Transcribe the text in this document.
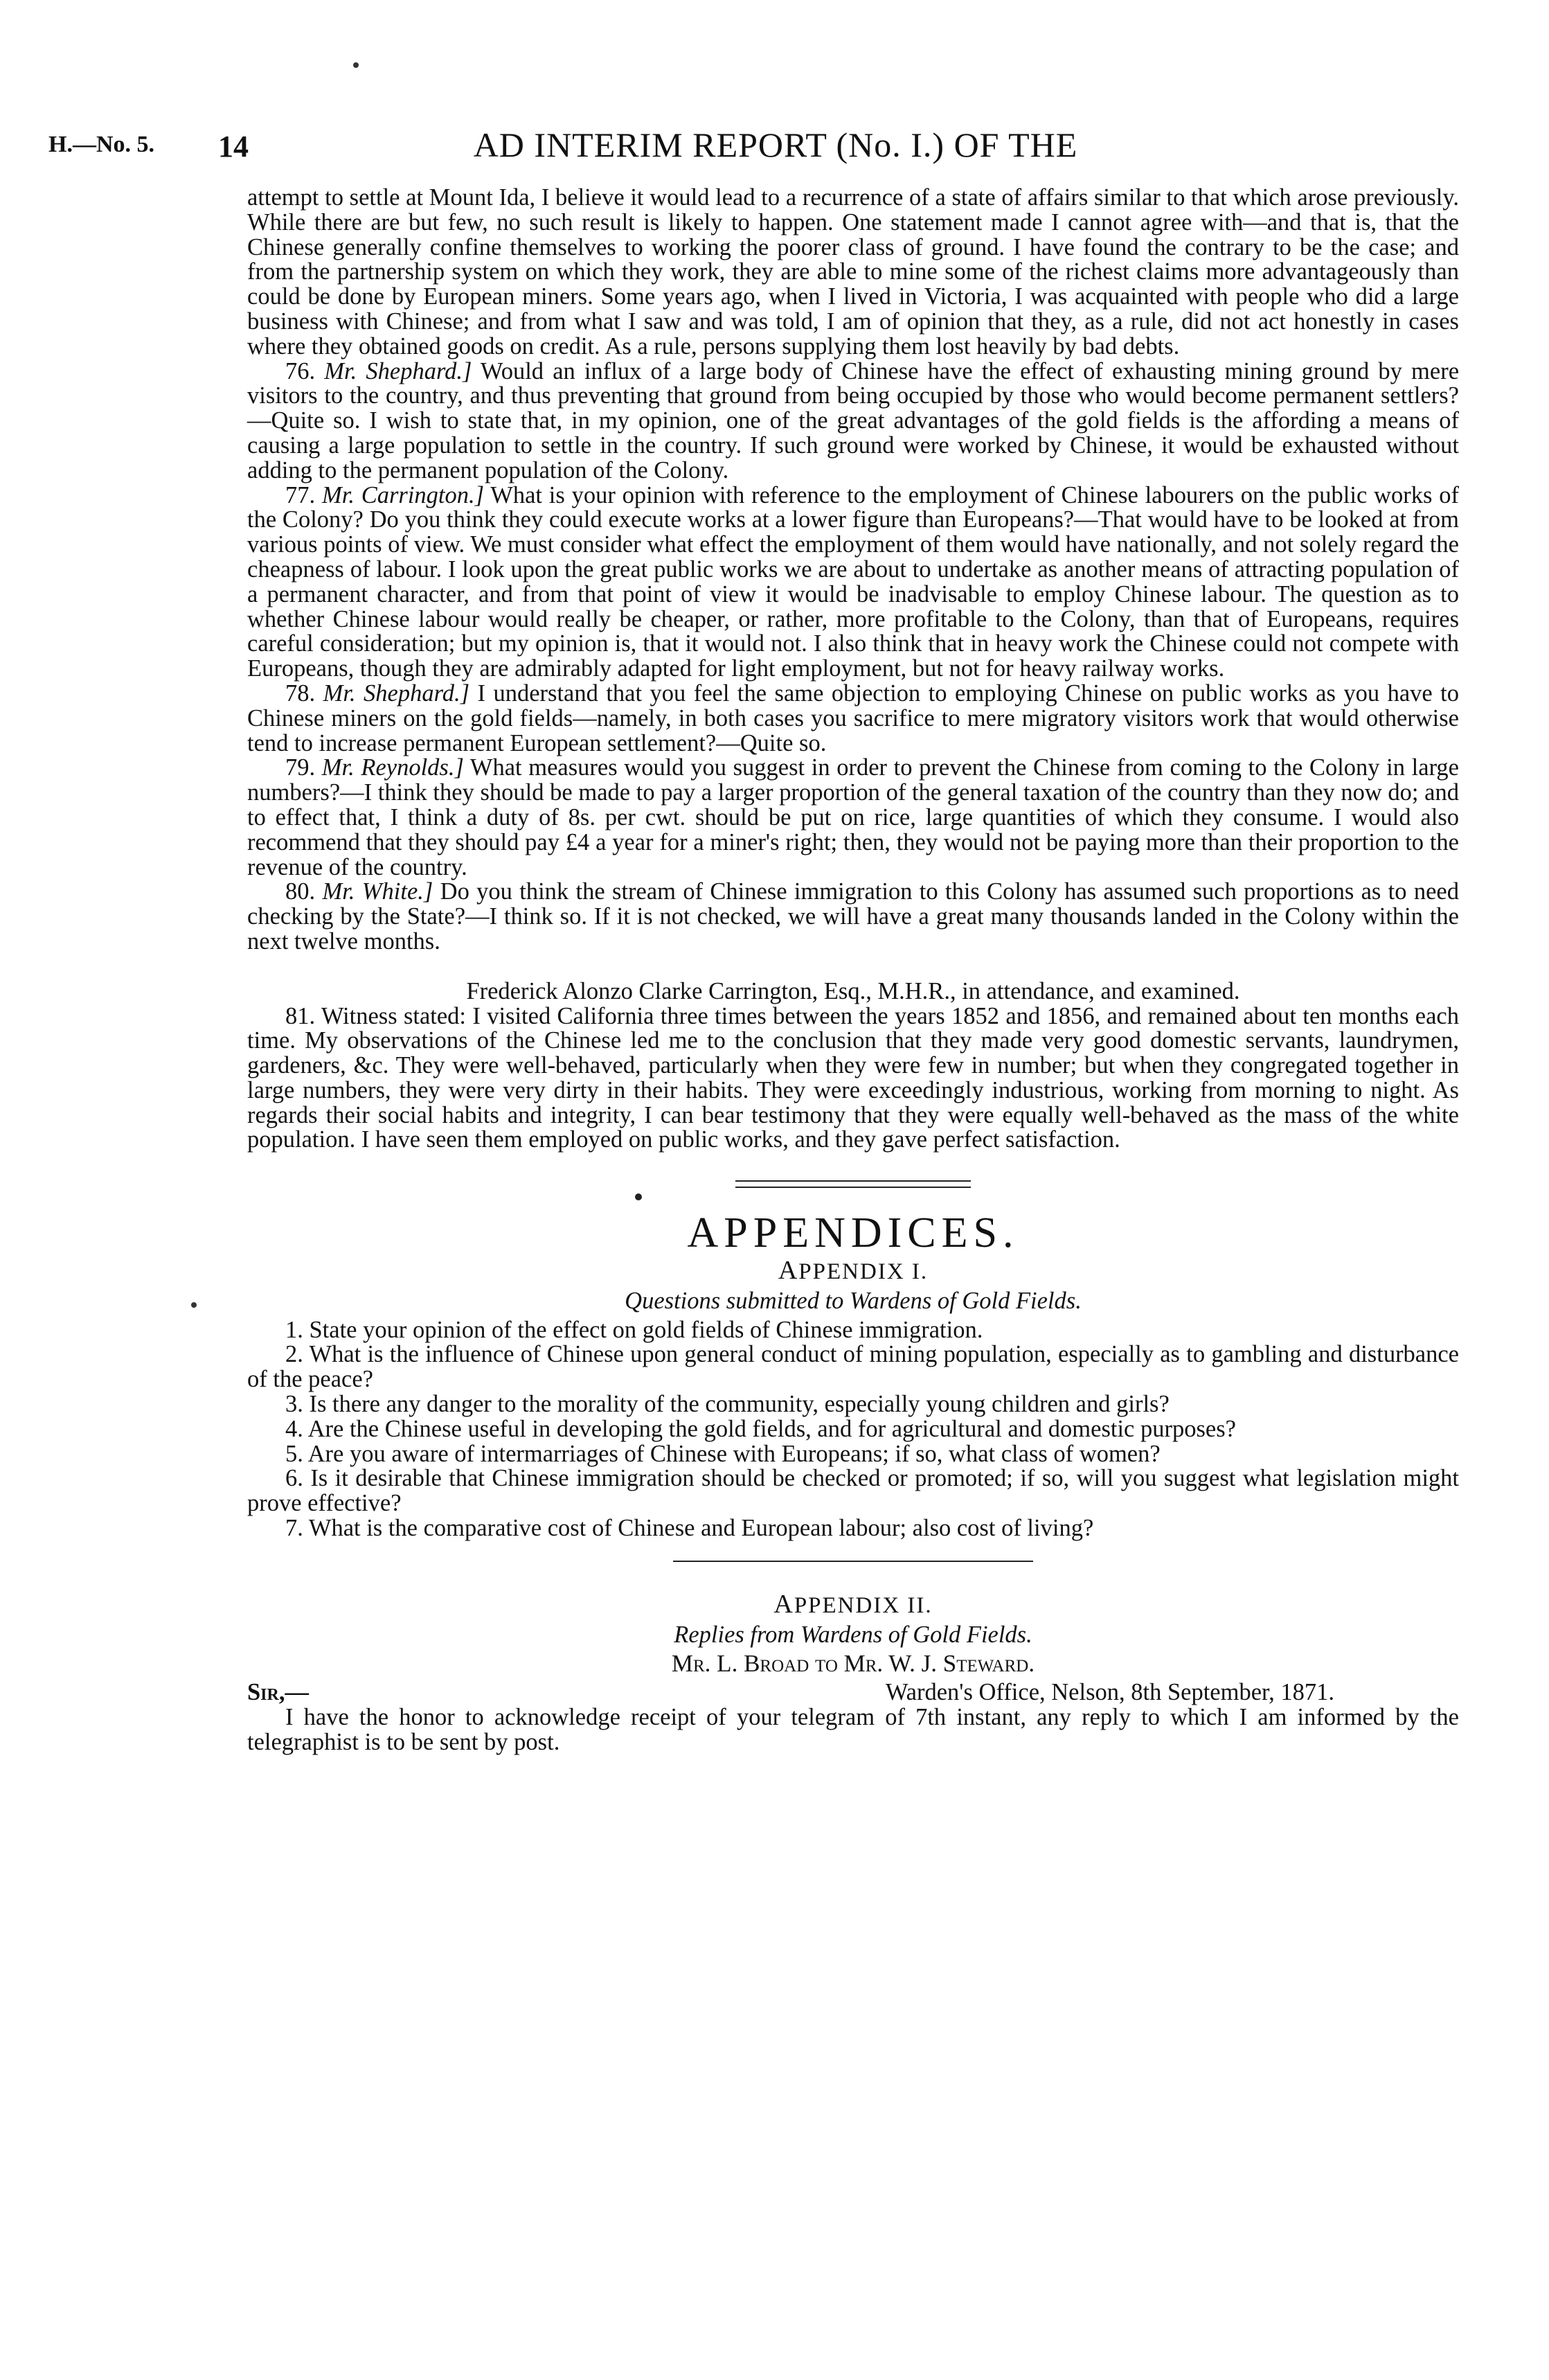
H.—No. 5. 14	AD INTERIM REPORT (No. I.) OF THE

attempt to settle at Mount Ida, I believe it would lead to a recurrence of a state of affairs similar to that which arose previously. While there are but few, no such result is likely to happen. One statement made I cannot agree with—and that is, that the Chinese generally confine themselves to working the poorer class of ground. I have found the contrary to be the case; and from the partnership system on which they work, they are able to mine some of the richest claims more advantageously than could be done by European miners. Some years ago, when I lived in Victoria, I was acquainted with people who did a large business with Chinese; and from what I saw and was told, I am of opinion that they, as a rule, did not act honestly in cases where they obtained goods on credit. As a rule, persons supplying them lost heavily by bad debts.

76. Mr. Shephard.] Would an influx of a large body of Chinese have the effect of exhausting mining ground by mere visitors to the country, and thus preventing that ground from being occupied by those who would become permanent settlers?—Quite so. I wish to state that, in my opinion, one of the great advantages of the gold fields is the affording a means of causing a large population to settle in the country. If such ground were worked by Chinese, it would be exhausted without adding to the permanent population of the Colony.

77. Mr. Carrington.] What is your opinion with reference to the employment of Chinese labourers on the public works of the Colony? Do you think they could execute works at a lower figure than Europeans?—That would have to be looked at from various points of view. We must consider what effect the employment of them would have nationally, and not solely regard the cheapness of labour. I look upon the great public works we are about to undertake as another means of attracting population of a permanent character, and from that point of view it would be inadvisable to employ Chinese labour. The question as to whether Chinese labour would really be cheaper, or rather, more profitable to the Colony, than that of Europeans, requires careful consideration; but my opinion is, that it would not. I also think that in heavy work the Chinese could not compete with Europeans, though they are admirably adapted for light employment, but not for heavy railway works.

78. Mr. Shephard.] I understand that you feel the same objection to employing Chinese on public works as you have to Chinese miners on the gold fields—namely, in both cases you sacrifice to mere migratory visitors work that would otherwise tend to increase permanent European settlement?—Quite so.

79. Mr. Reynolds.] What measures would you suggest in order to prevent the Chinese from coming to the Colony in large numbers?—I think they should be made to pay a larger proportion of the general taxation of the country than they now do; and to effect that, I think a duty of 8s. per cwt. should be put on rice, large quantities of which they consume. I would also recommend that they should pay £4 a year for a miner's right; then, they would not be paying more than their proportion to the revenue of the country.

80. Mr. White.] Do you think the stream of Chinese immigration to this Colony has assumed such proportions as to need checking by the State?—I think so. If it is not checked, we will have a great many thousands landed in the Colony within the next twelve months.

Frederick Alonzo Clarke Carrington, Esq., M.H.R., in attendance, and examined.

81. Witness stated: I visited California three times between the years 1852 and 1856, and remained about ten months each time. My observations of the Chinese led me to the conclusion that they made very good domestic servants, laundrymen, gardeners, &c. They were well-behaved, particularly when they were few in number; but when they congregated together in large numbers, they were very dirty in their habits. They were exceedingly industrious, working from morning to night. As regards their social habits and integrity, I can bear testimony that they were equally well-behaved as the mass of the white population. I have seen them employed on public works, and they gave perfect satisfaction.

APPENDICES.
APPENDIX I.
Questions submitted to Wardens of Gold Fields.

1. State your opinion of the effect on gold fields of Chinese immigration.

2. What is the influence of Chinese upon general conduct of mining population, especially as to gambling and disturbance of the peace?

3. Is there any danger to the morality of the community, especially young children and girls?

4. Are the Chinese useful in developing the gold fields, and for agricultural and domestic purposes?

5. Are you aware of intermarriages of Chinese with Europeans; if so, what class of women?

6. Is it desirable that Chinese immigration should be checked or promoted; if so, will you suggest what legislation might prove effective?

7. What is the comparative cost of Chinese and European labour; also cost of living?

APPENDIX II.
Replies from Wardens of Gold Fields.
Mr. L. Broad to Mr. W. J. Steward.
Sir,—	Warden's Office, Nelson, 8th September, 1871.

I have the honor to acknowledge receipt of your telegram of 7th instant, any reply to which I am informed by the telegraphist is to be sent by post.
